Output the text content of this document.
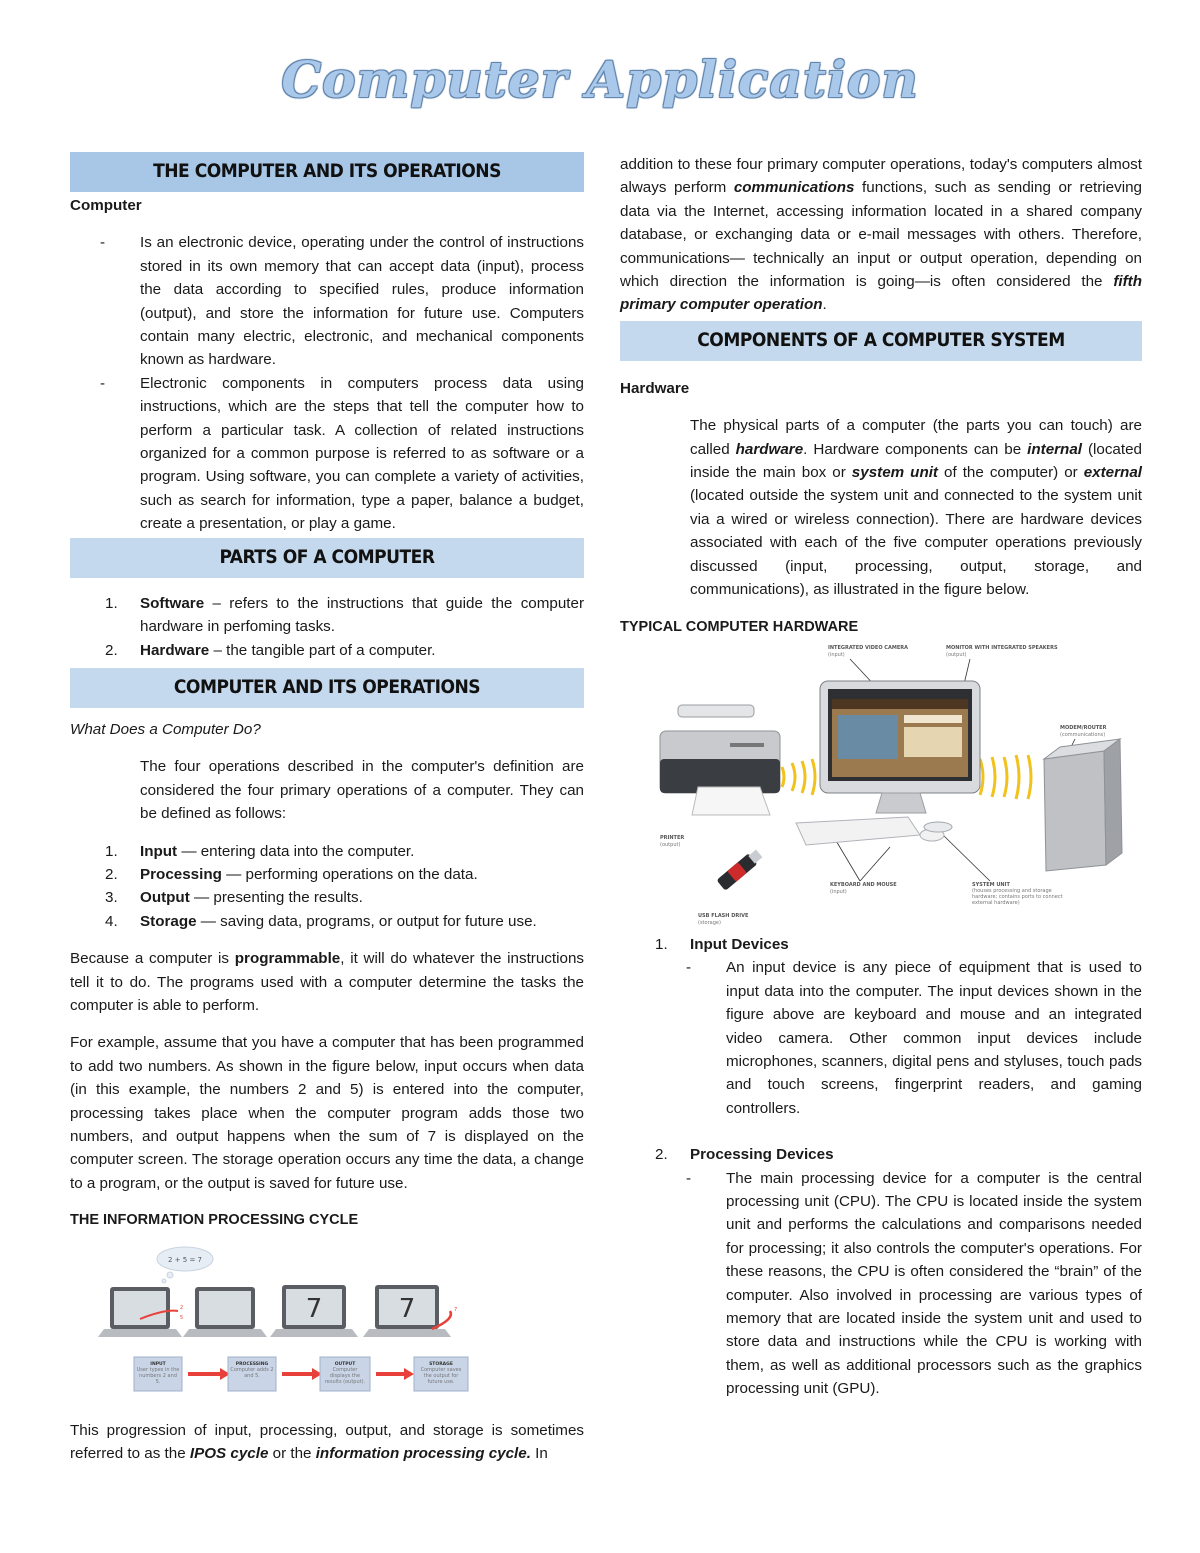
Computer Application
THE COMPUTER AND ITS OPERATIONS
Computer
- Is an electronic device, operating under the control of instructions stored in its own memory that can accept data (input), process the data according to specified rules, produce information (output), and store the information for future use. Computers contain many electric, electronic, and mechanical components known as hardware.
- Electronic components in computers process data using instructions, which are the steps that tell the computer how to perform a particular task. A collection of related instructions organized for a common purpose is referred to as software or a program. Using software, you can complete a variety of activities, such as search for information, type a paper, balance a budget, create a presentation, or play a game.
PARTS OF A COMPUTER
1. Software – refers to the instructions that guide the computer hardware in perfoming tasks.
2. Hardware – the tangible part of a computer.
COMPUTER AND ITS OPERATIONS
What Does a Computer Do?

The four operations described in the computer's definition are considered the four primary operations of a computer. They can be defined as follows:

1. Input — entering data into the computer.
2. Processing — performing operations on the data.
3. Output — presenting the results.
4. Storage — saving data, programs, or output for future use.

Because a computer is programmable, it will do whatever the instructions tell it to do. The programs used with a computer determine the tasks the computer is able to perform.

For example, assume that you have a computer that has been programmed to add two numbers. As shown in the figure below, input occurs when data (in this example, the numbers 2 and 5) is entered into the computer, processing takes place when the computer program adds those two numbers, and output happens when the sum of 7 is displayed on the computer screen. The storage operation occurs any time the data, a change to a program, or the output is saved for future use.

THE INFORMATION PROCESSING CYCLE
2 + 5 = 7
2
5	7	7	7
INPUT
User types in the numbers 2 and 5.
PROCESSING
Computer adds 2 and 5.
OUTPUT
Computer displays the results (output).
STORAGE
Computer saves the output for future use.

This progression of input, processing, output, and storage is sometimes referred to as the IPOS cycle or the information processing cycle. In

addition to these four primary computer operations, today's computers almost always perform communications functions, such as sending or retrieving data via the Internet, accessing information located in a shared company database, or exchanging data or e-mail messages with others. Therefore, communications— technically an input or output operation, depending on which direction the information is going—is often considered the fifth primary computer operation.

COMPONENTS OF A COMPUTER SYSTEM
Hardware

The physical parts of a computer (the parts you can touch) are called hardware. Hardware components can be internal (located inside the main box or system unit of the computer) or external (located outside the system unit and connected to the system unit via a wired or wireless connection). There are hardware devices associated with each of the five computer operations previously discussed (input, processing, output, storage, and communications), as illustrated in the figure below.

TYPICAL COMPUTER HARDWARE
INTEGRATED VIDEO CAMERA
(input)
MONITOR WITH INTEGRATED SPEAKERS
(output)
MODEM/ROUTER
(communications)
PRINTER
(output)
KEYBOARD AND MOUSE
(input)
SYSTEM UNIT
(houses processing and storage hardware; contains ports to connect external hardware)
USB FLASH DRIVE
(storage)
1. Input Devices
- An input device is any piece of equipment that is used to input data into the computer. The input devices shown in the figure above are keyboard and mouse and an integrated video camera. Other common input devices include microphones, scanners, digital pens and styluses, touch pads and touch screens, fingerprint readers, and gaming controllers.
2. Processing Devices
- The main processing device for a computer is the central processing unit (CPU). The CPU is located inside the system unit and performs the calculations and comparisons needed for processing; it also controls the computer's operations. For these reasons, the CPU is often considered the “brain” of the computer. Also involved in processing are various types of memory that are located inside the system unit and used to store data and instructions while the CPU is working with them, as well as additional processors such as the graphics processing unit (GPU).
